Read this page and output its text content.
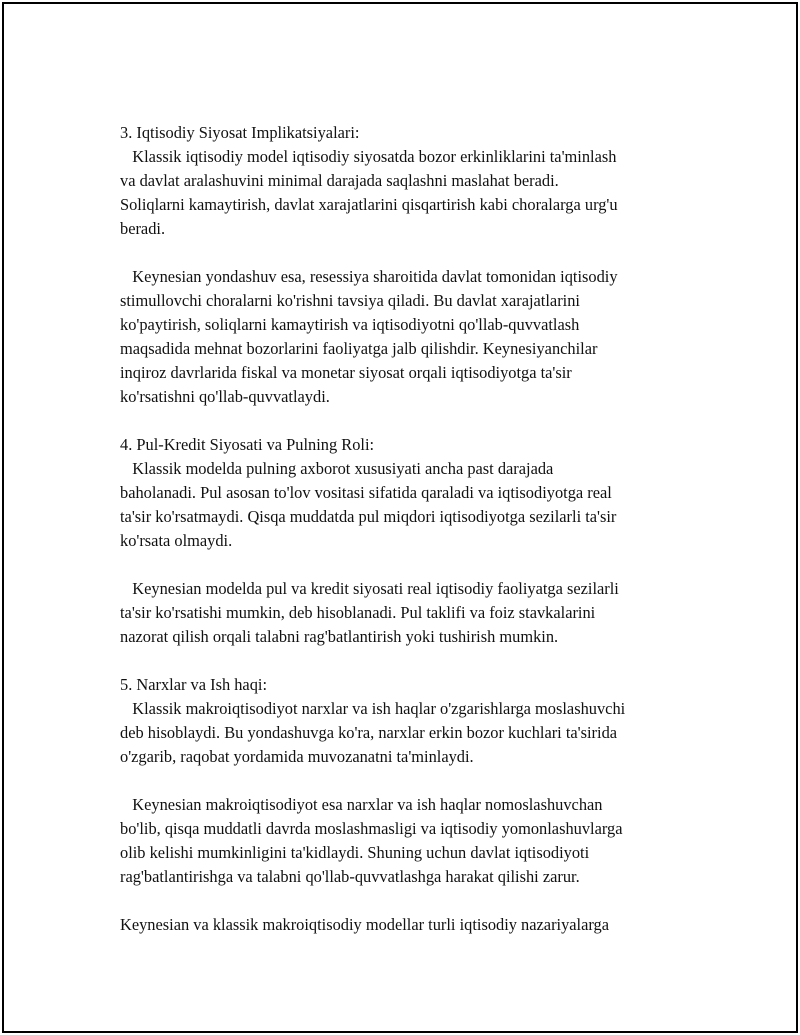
3. Iqtisodiy Siyosat Implikatsiyalari:
Klassik iqtisodiy model iqtisodiy siyosatda bozor erkinliklarini ta'minlash
va davlat aralashuvini minimal darajada saqlashni maslahat beradi.
Soliqlarni kamaytirish, davlat xarajatlarini qisqartirish kabi choralarga urg'u
beradi.
Keynesian yondashuv esa, resessiya sharoitida davlat tomonidan iqtisodiy
stimullovchi choralarni ko'rishni tavsiya qiladi. Bu davlat xarajatlarini
ko'paytirish, soliqlarni kamaytirish va iqtisodiyotni qo'llab-quvvatlash
maqsadida mehnat bozorlarini faoliyatga jalb qilishdir. Keynesiyanchilar
inqiroz davrlarida fiskal va monetar siyosat orqali iqtisodiyotga ta'sir
ko'rsatishni qo'llab-quvvatlaydi.
4. Pul-Kredit Siyosati va Pulning Roli:
Klassik modelda pulning axborot xususiyati ancha past darajada
baholanadi. Pul asosan to'lov vositasi sifatida qaraladi va iqtisodiyotga real
ta'sir ko'rsatmaydi. Qisqa muddatda pul miqdori iqtisodiyotga sezilarli ta'sir
ko'rsata olmaydi.
Keynesian modelda pul va kredit siyosati real iqtisodiy faoliyatga sezilarli
ta'sir ko'rsatishi mumkin, deb hisoblanadi. Pul taklifi va foiz stavkalarini
nazorat qilish orqali talabni rag'batlantirish yoki tushirish mumkin.
5. Narxlar va Ish haqi:
Klassik makroiqtisodiyot narxlar va ish haqlar o'zgarishlarga moslashuvchi
deb hisoblaydi. Bu yondashuvga ko'ra, narxlar erkin bozor kuchlari ta'sirida
o'zgarib, raqobat yordamida muvozanatni ta'minlaydi.
Keynesian makroiqtisodiyot esa narxlar va ish haqlar nomoslashuvchan
bo'lib, qisqa muddatli davrda moslashmasligi va iqtisodiy yomonlashuvlarga
olib kelishi mumkinligini ta'kidlaydi. Shuning uchun davlat iqtisodiyoti
rag'batlantirishga va talabni qo'llab-quvvatlashga harakat qilishi zarur.
Keynesian va klassik makroiqtisodiy modellar turli iqtisodiy nazariyalarga
